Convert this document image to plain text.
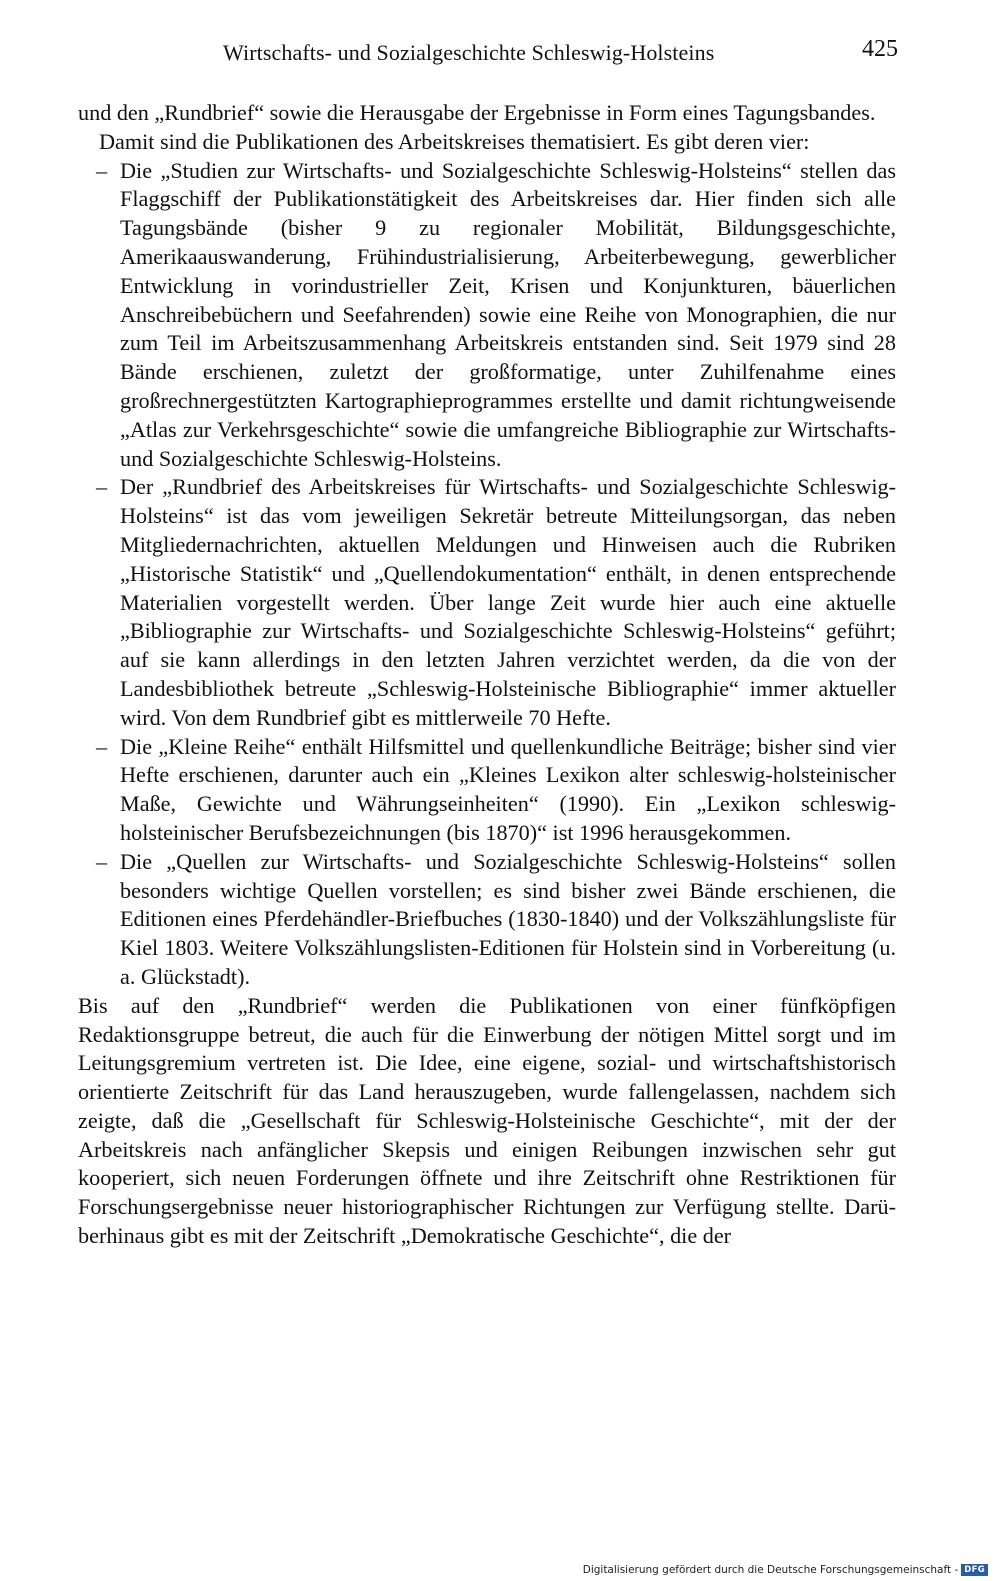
Wirtschafts- und Sozialgeschichte Schleswig-Holsteins	425

und den „Rundbrief“ sowie die Herausgabe der Ergebnisse in Form eines Tagungsbandes.

Damit sind die Publikationen des Arbeitskreises thematisiert. Es gibt deren vier:

– Die „Studien zur Wirtschafts- und Sozialgeschichte Schleswig-Holsteins“ stellen das Flaggschiff der Publikationstätigkeit des Arbeitskreises dar. Hier finden sich alle Tagungsbände (bisher 9 zu regionaler Mobilität, Bildungsgeschichte, Amerikaauswanderung, Frühindustrialisierung, Arbeiterbewegung, gewerblicher Entwicklung in vorindustrieller Zeit, Krisen und Konjunkturen, bäuerlichen Anschreibebüchern und Seefahrenden) sowie eine Reihe von Monographien, die nur zum Teil im Arbeitszusammenhang Arbeitskreis entstanden sind. Seit 1979 sind 28 Bände erschienen, zuletzt der großformatige, unter Zuhilfenahme eines großrechnergestützten Kartographieprogrammes erstellte und damit richtungweisende „Atlas zur Verkehrsgeschichte“ sowie die umfangreiche Bibliographie zur Wirtschafts- und Sozialgeschichte Schleswig-Holsteins.
– Der „Rundbrief des Arbeitskreises für Wirtschafts- und Sozialgeschichte Schleswig-Holsteins“ ist das vom jeweiligen Sekretär betreute Mitteilungsorgan, das neben Mitgliedernachrichten, aktuellen Meldungen und Hinweisen auch die Rubriken „Historische Statistik“ und „Quellendokumentation“ enthält, in denen entsprechende Materialien vorgestellt werden. Über lange Zeit wurde hier auch eine aktuelle „Bibliographie zur Wirtschafts- und Sozialgeschichte Schleswig-Holsteins“ geführt; auf sie kann allerdings in den letzten Jahren verzichtet werden, da die von der Landesbibliothek betreute „Schleswig-Holsteinische Bibliographie“ immer aktueller wird. Von dem Rundbrief gibt es mittlerweile 70 Hefte.
– Die „Kleine Reihe“ enthält Hilfsmittel und quellenkundliche Beiträge; bisher sind vier Hefte erschienen, darunter auch ein „Kleines Lexikon alter schleswig-holsteinischer Maße, Gewichte und Währungseinheiten“ (1990). Ein „Lexikon schleswig-holsteinischer Berufsbezeichnungen (bis 1870)“ ist 1996 herausgekommen.
– Die „Quellen zur Wirtschafts- und Sozialgeschichte Schleswig-Holsteins“ sollen besonders wichtige Quellen vorstellen; es sind bisher zwei Bände erschienen, die Editionen eines Pferdehändler-Briefbuches (1830-1840) und der Volkszählungsliste für Kiel 1803. Weitere Volkszählungslisten-Editionen für Holstein sind in Vorbereitung (u. a. Glückstadt).

Bis auf den „Rundbrief“ werden die Publikationen von einer fünfköpfigen Redaktionsgruppe betreut, die auch für die Einwerbung der nötigen Mittel sorgt und im Leitungsgremium vertreten ist. Die Idee, eine eigene, sozial- und wirtschaftshistorisch orientierte Zeitschrift für das Land herauszugeben, wurde fallengelassen, nachdem sich zeigte, daß die „Gesellschaft für Schleswig-Holsteinische Geschichte“, mit der der Arbeitskreis nach anfänglicher Skepsis und einigen Reibungen inzwischen sehr gut kooperiert, sich neuen Forderungen öffnete und ihre Zeitschrift ohne Restriktionen für Forschungsergebnisse neuer historiographischer Richtungen zur Verfügung stellte. Darüberhinaus gibt es mit der Zeitschrift „Demokratische Geschichte“, die der

Digitalisierung gefördert durch die Deutsche Forschungsgemeinschaft - DFG
